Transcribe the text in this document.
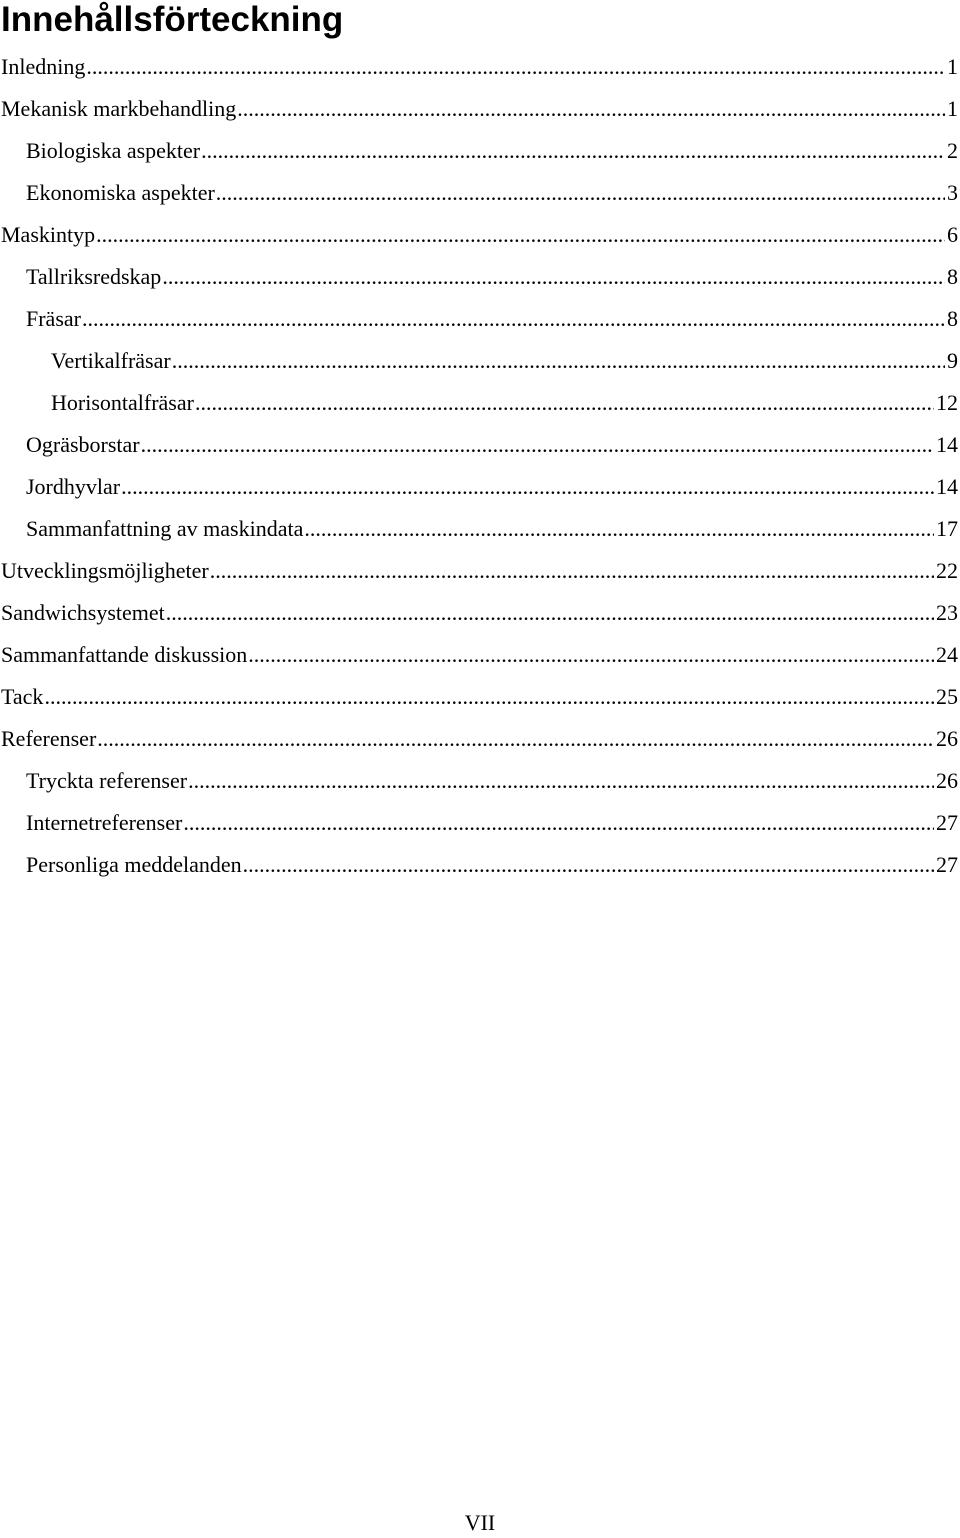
Innehållsförteckning
Inledning .....	1
Mekanisk markbehandling .....	1
Biologiska aspekter .....	2
Ekonomiska aspekter .....	3
Maskintyp .....	6
Tallriksredskap .....	8
Fräsar .....	8
Vertikalfräsar .....	9
Horisontalfräsar .....	12
Ogräsborstar .....	14
Jordhyvlar .....	14
Sammanfattning av maskindata .....	17
Utvecklingsmöjligheter .....	22
Sandwichsystemet .....	23
Sammanfattande diskussion .....	24
Tack .....	25
Referenser .....	26
Tryckta referenser .....	26
Internetreferenser .....	27
Personliga meddelanden .....	27
VII
